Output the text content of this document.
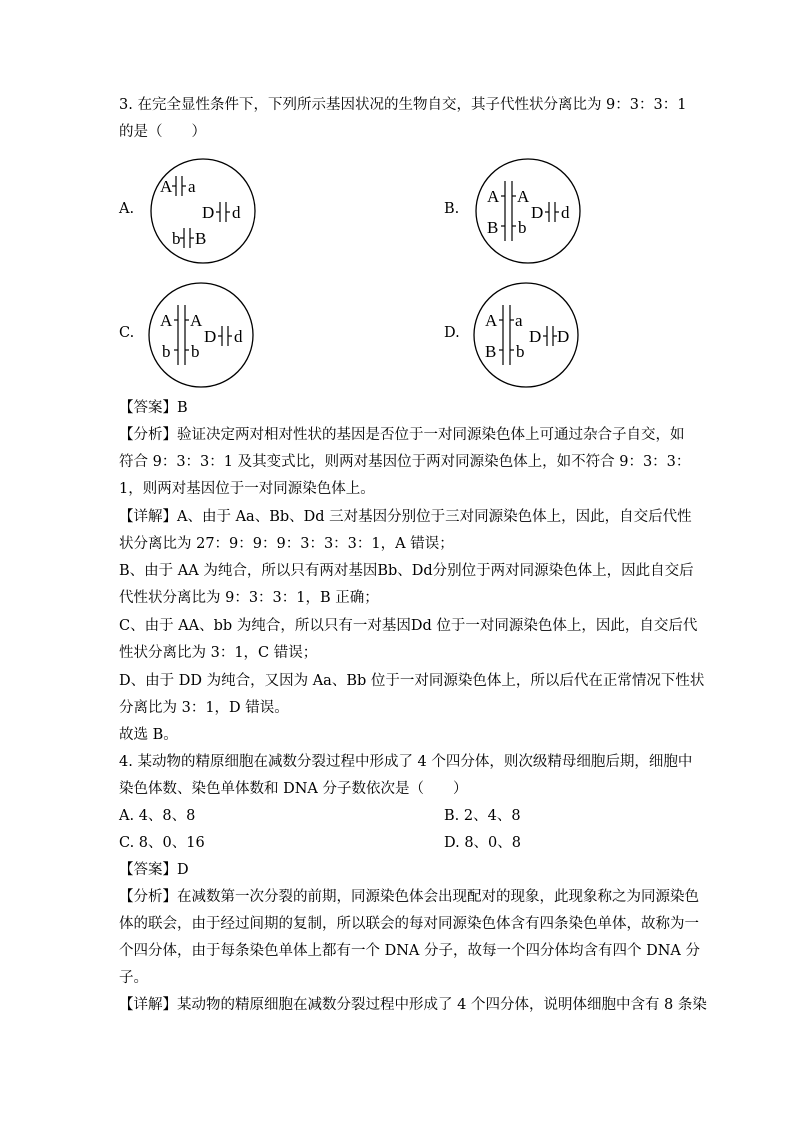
3. 在完全显性条件下，下列所示基因状况的生物自交，其子代性状分离比为 9：3：3：1
的是（　　）
A.
A a
D d
b B
B.
A A
B b
D d
C.
A A
b b
D d	D.
A a
B b
D D
【答案】B
【分析】验证决定两对相对性状的基因是否位于一对同源染色体上可通过杂合子自交，如
符合 9：3：3：1 及其变式比，则两对基因位于两对同源染色体上，如不符合 9：3：3：
1，则两对基因位于一对同源染色体上。
【详解】A、由于 Aa、Bb、Dd 三对基因分别位于三对同源染色体上，因此，自交后代性
状分离比为 27：9：9：9：3：3：3：1，A 错误；
B、由于 AA 为纯合，所以只有两对基因Bb、Dd分别位于两对同源染色体上，因此自交后
代性状分离比为 9：3：3：1，B 正确；
C、由于 AA、bb 为纯合，所以只有一对基因Dd 位于一对同源染色体上，因此，自交后代
性状分离比为 3：1，C 错误；
D、由于 DD 为纯合，又因为 Aa、Bb 位于一对同源染色体上，所以后代在正常情况下性状
分离比为 3：1，D 错误。
故选 B。
4. 某动物的精原细胞在减数分裂过程中形成了 4 个四分体，则次级精母细胞后期，细胞中
染色体数、染色单体数和 DNA 分子数依次是（　　）
A. 4、8、8	B. 2、4、8
C. 8、0、16	D. 8、0、8
【答案】D
【分析】在减数第一次分裂的前期，同源染色体会出现配对的现象，此现象称之为同源染色
体的联会，由于经过间期的复制，所以联会的每对同源染色体含有四条染色单体，故称为一
个四分体，由于每条染色单体上都有一个 DNA 分子，故每一个四分体均含有四个 DNA 分
子。
【详解】某动物的精原细胞在减数分裂过程中形成了 4 个四分体，说明体细胞中含有 8 条染
